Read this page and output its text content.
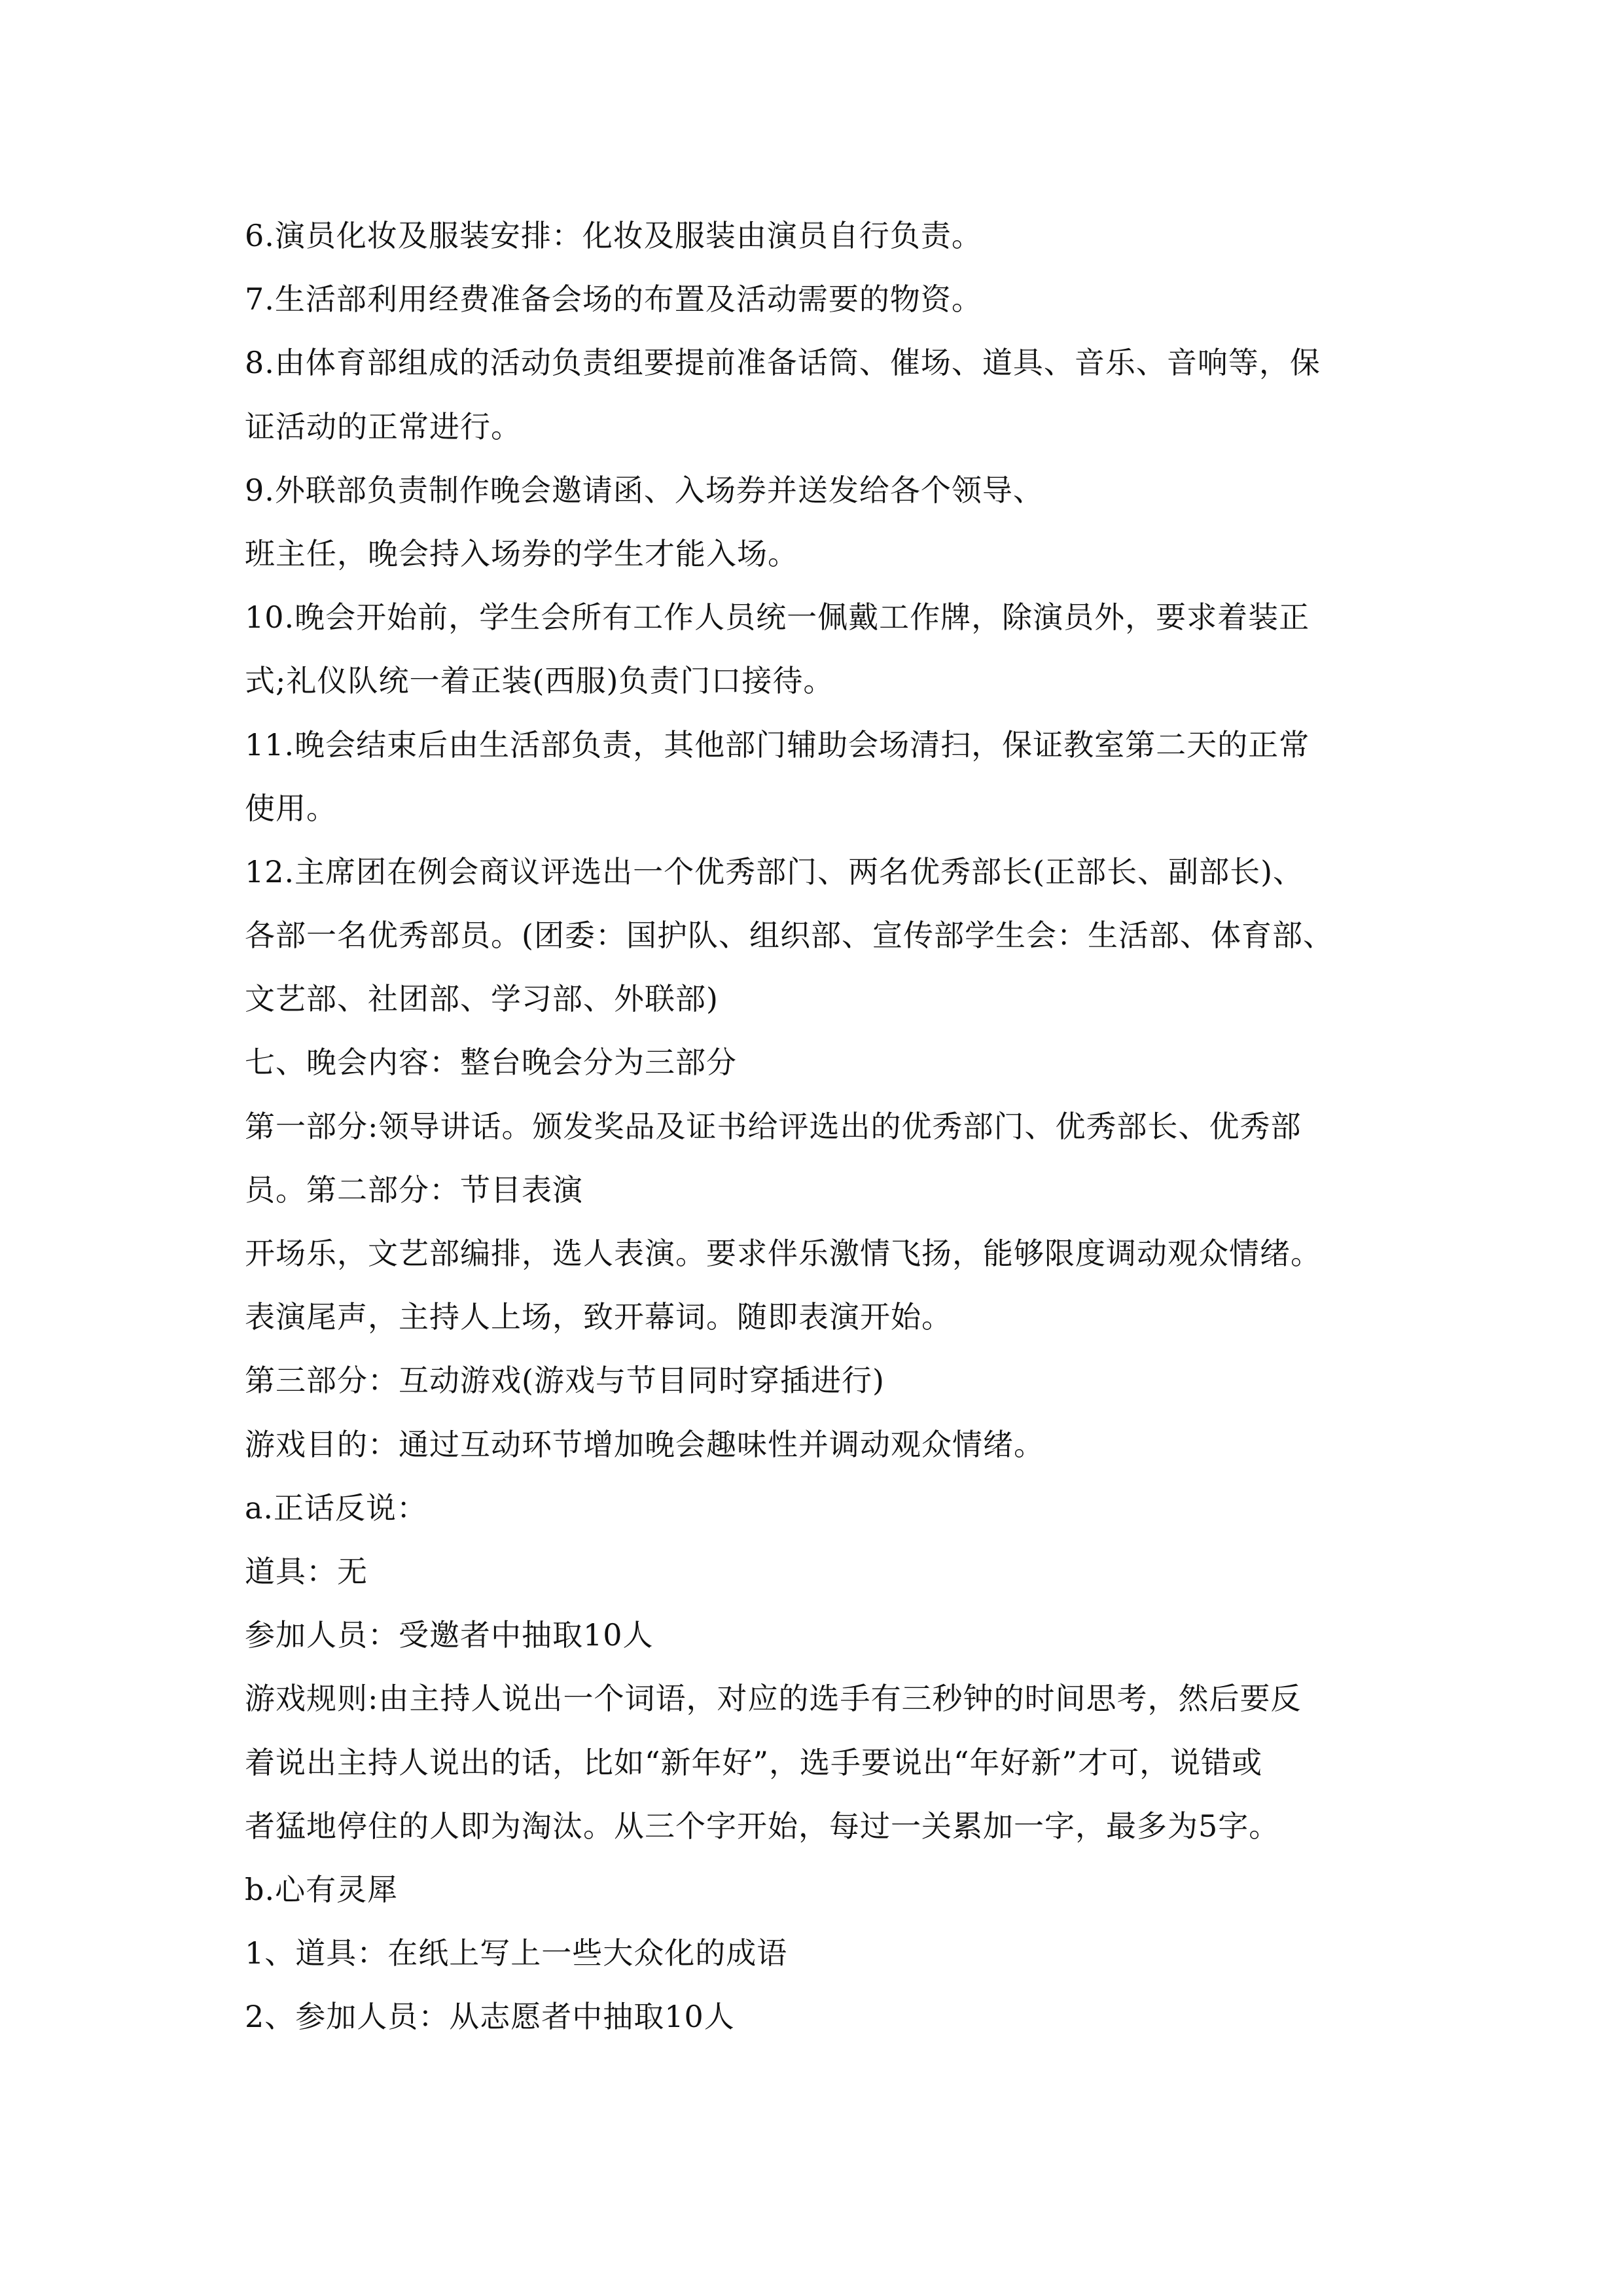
6.演员化妆及服装安排：化妆及服装由演员自行负责。
7.生活部利用经费准备会场的布置及活动需要的物资。
8.由体育部组成的活动负责组要提前准备话筒、催场、道具、音乐、音响等，保
证活动的正常进行。
9.外联部负责制作晚会邀请函、入场券并送发给各个领导、
班主任，晚会持入场券的学生才能入场。
10.晚会开始前，学生会所有工作人员统一佩戴工作牌，除演员外，要求着装正
式;礼仪队统一着正装(西服)负责门口接待。
11.晚会结束后由生活部负责，其他部门辅助会场清扫，保证教室第二天的正常
使用。
12.主席团在例会商议评选出一个优秀部门、两名优秀部长(正部长、副部长)、
各部一名优秀部员。(团委：国护队、组织部、宣传部学生会：生活部、体育部、
文艺部、社团部、学习部、外联部)
七、晚会内容：整台晚会分为三部分
第一部分:领导讲话。颁发奖品及证书给评选出的优秀部门、优秀部长、优秀部
员。第二部分：节目表演
开场乐，文艺部编排，选人表演。要求伴乐激情飞扬，能够限度调动观众情绪。
表演尾声，主持人上场，致开幕词。随即表演开始。
第三部分：互动游戏(游戏与节目同时穿插进行)
游戏目的：通过互动环节增加晚会趣味性并调动观众情绪。
a.正话反说：
道具：无
参加人员：受邀者中抽取10人
游戏规则:由主持人说出一个词语，对应的选手有三秒钟的时间思考，然后要反
着说出主持人说出的话，比如“新年好”，选手要说出“年好新”才可，说错或
者猛地停住的人即为淘汰。从三个字开始，每过一关累加一字，最多为5字。
b.心有灵犀
1、道具：在纸上写上一些大众化的成语
2、参加人员：从志愿者中抽取10人
